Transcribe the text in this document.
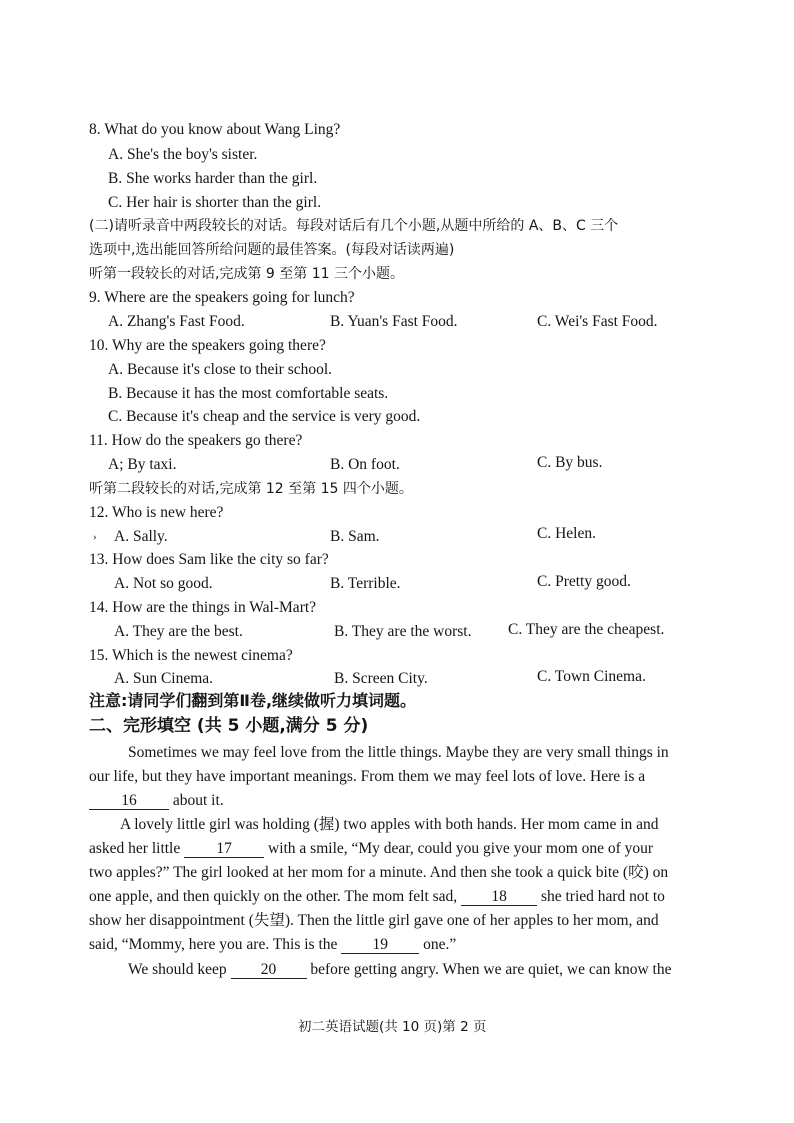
8. What do you know about Wang Ling?
A. She's the boy's sister.
B. She works harder than the girl.
C. Her hair is shorter than the girl.
(二)请听录音中两段较长的对话。每段对话后有几个小题,从题中所给的 A、B、C 三个
选项中,选出能回答所给问题的最佳答案。(每段对话读两遍)
听第一段较长的对话,完成第 9 至第 11 三个小题。
9. Where are the speakers going for lunch?
A. Zhang's Fast Food.	B. Yuan's Fast Food.	C. Wei's Fast Food.
10. Why are the speakers going there?
A. Because it's close to their school.
B. Because it has the most comfortable seats.
C. Because it's cheap and the service is very good.
11. How do the speakers go there?
A; By taxi.	B. On foot.	C. By bus.
听第二段较长的对话,完成第 12 至第 15 四个小题。
12. Who is new here?
› A. Sally.	B. Sam.	C. Helen.
13. How does Sam like the city so far?
A. Not so good.	B. Terrible.	C. Pretty good.
14. How are the things in Wal-Mart?
A. They are the best.	B. They are the worst. C. They are the cheapest.
15. Which is the newest cinema?
A. Sun Cinema.	B. Screen City.	C. Town Cinema.
注意:请同学们翻到第Ⅱ卷,继续做听力填词题。
二、完形填空 (共 5 小题,满分 5 分)
Sometimes we may feel love from the little things. Maybe they are very small things in
our life, but they have important meanings. From them we may feel lots of love. Here is a
16 about it.
A lovely little girl was holding (握) two apples with both hands. Her mom came in and
asked her little 17 with a smile, “My dear, could you give your mom one of your
two apples?” The girl looked at her mom for a minute. And then she took a quick bite (咬) on
one apple, and then quickly on the other. The mom felt sad, 18 she tried hard not to
show her disappointment (失望). Then the little girl gave one of her apples to her mom, and
said, “Mommy, here you are. This is the 19 one.”
We should keep 20 before getting angry. When we are quiet, we can know the
初二英语试题(共 10 页)第 2 页
